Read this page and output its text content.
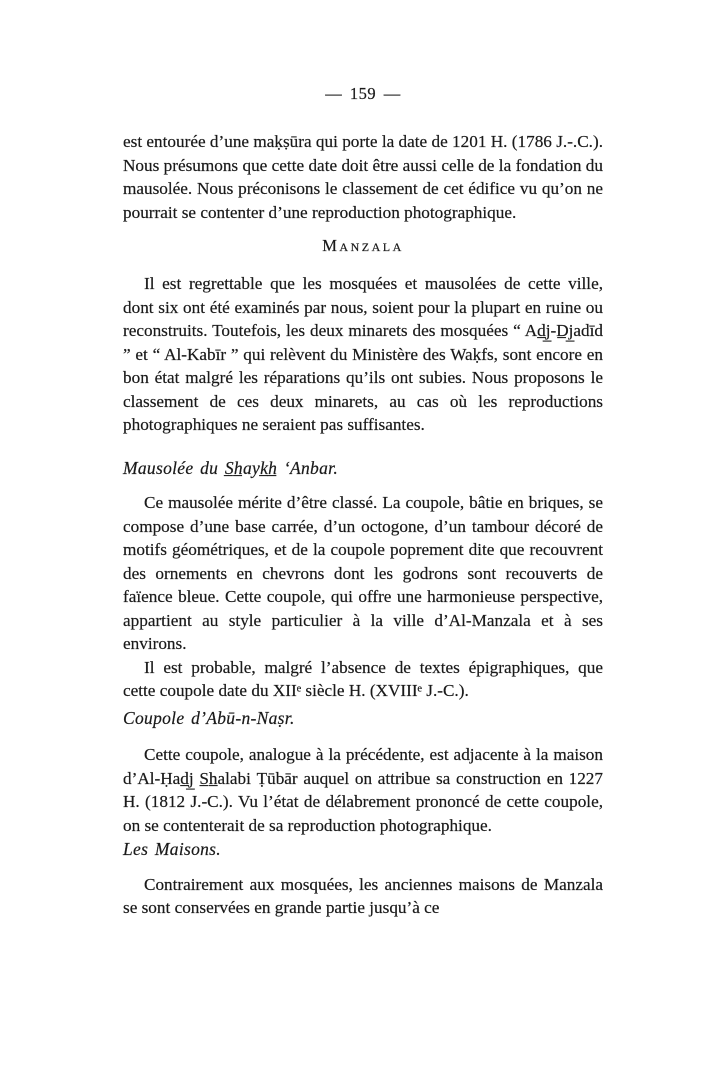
— 159 —

est entourée d’une maḳṣūra qui porte la date de 1201 H. (1786 J.-.C.). Nous présumons que cette date doit être aussi celle de la fondation du mausolée. Nous préconisons le classement de cet édifice vu qu’on ne pourrait se contenter d’une reproduction photographique.

Manzala

Il est regrettable que les mosquées et mausolées de cette ville, dont six ont été examinés par nous, soient pour la plupart en ruine ou reconstruits. Toutefois, les deux minarets des mosquées “ Ad̲j̲-D̲j̲adīd ” et “ Al-Kabīr ” qui relèvent du Ministère des Waḳfs, sont encore en bon état malgré les réparations qu’ils ont subies. Nous proposons le classement de ces deux minarets, au cas où les reproductions photographiques ne seraient pas suffisantes.

Mausolée du S̲h̲ayk̲h̲ ‘Anbar.

Ce mausolée mérite d’être classé. La coupole, bâtie en briques, se compose d’une base carrée, d’un octogone, d’un tambour décoré de motifs géométriques, et de la coupole poprement dite que recouvrent des ornements en chevrons dont les godrons sont recouverts de faïence bleue. Cette coupole, qui offre une harmonieuse perspective, appartient au style particulier à la ville d’Al-Manzala et à ses environs.

Il est probable, malgré l’absence de textes épigraphiques, que cette coupole date du XIIᵉ siècle H. (XVIIIᵉ J.-C.).

Coupole d’Abū-n-Naṣr.

Cette coupole, analogue à la précédente, est adjacente à la maison d’Al-Ḥad̲j̲ S̲h̲alabi Ṭūbār auquel on attribue sa construction en 1227 H. (1812 J.-C.). Vu l’état de délabrement prononcé de cette coupole, on se contenterait de sa reproduction photographique.

Les Maisons.

Contrairement aux mosquées, les anciennes maisons de Manzala se sont conservées en grande partie jusqu’à ce
